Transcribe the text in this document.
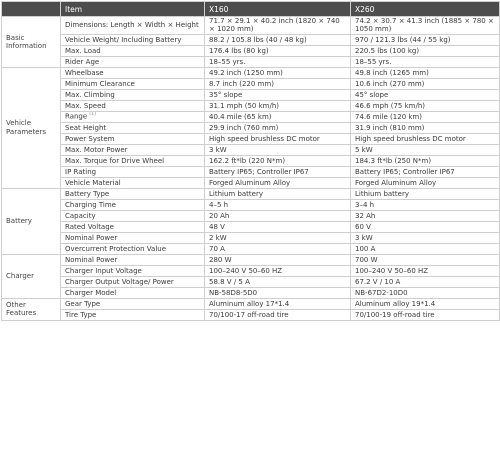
	Item	X160	X260
Basic
Information	Dimensions: Length × Width × Height	71.7 × 29.1 × 40.2 inch (1820 × 740 × 1020 mm)	74.2 × 30.7 × 41.3 inch (1885 × 780 × 1050 mm)
	Vehicle Weight/ Including Battery	88.2 / 105.8 lbs (40 / 48 kg)	970 / 121.3 lbs (44 / 55 kg)
	Max. Load	176.4 lbs (80 kg)	220.5 lbs (100 kg)
	Rider Age	18–55 yrs.	18–55 yrs.
Vehicle
Parameters	Wheelbase	49.2 inch (1250 mm)	49.8 inch (1265 mm)
	Minimum Clearance	8.7 inch (220 mm)	10.6 inch (270 mm)
	Max. Climbing	35° slope	45° slope
	Max. Speed	31.1 mph (50 km/h)	46.6 mph (75 km/h)
	Range [1]	40.4 mile (65 km)	74.6 mile (120 km)
	Seat Height	29.9 inch (760 mm)	31.9 inch (810 mm)
	Power System	High speed brushless DC motor	High speed brushless DC motor
	Max. Motor Power	3 kW	5 kW
	Max. Torque for Drive Wheel	162.2 ft*lb (220 N*m)	184.3 ft*lb (250 N*m)
	IP Rating	Battery IP65; Controller IP67	Battery IP65; Controller IP67
	Vehicle Material	Forged Aluminum Alloy	Forged Aluminum Alloy
Battery	Battery Type	Lithium battery	Lithium battery
	Charging Time	4–5 h	3–4 h
	Capacity	20 Ah	32 Ah
	Rated Voltage	48 V	60 V
	Nominal Power	2 kW	3 kW
	Overcurrent Protection Value	70 A	100 A
Charger	Nominal Power	280 W	700 W
	Charger Input Voltage	100–240 V 50–60 HZ	100–240 V 50–60 HZ
	Charger Output Voltage/ Power	58.8 V / 5 A	67.2 V / 10 A
	Charger Model	NB-58D8-5D0	NB-67D2-10D0
Other
Features	Gear Type	Aluminum alloy 17*1.4	Aluminum alloy 19*1.4
	Tire Type	70/100-17 off-road tire	70/100-19 off-road tire
